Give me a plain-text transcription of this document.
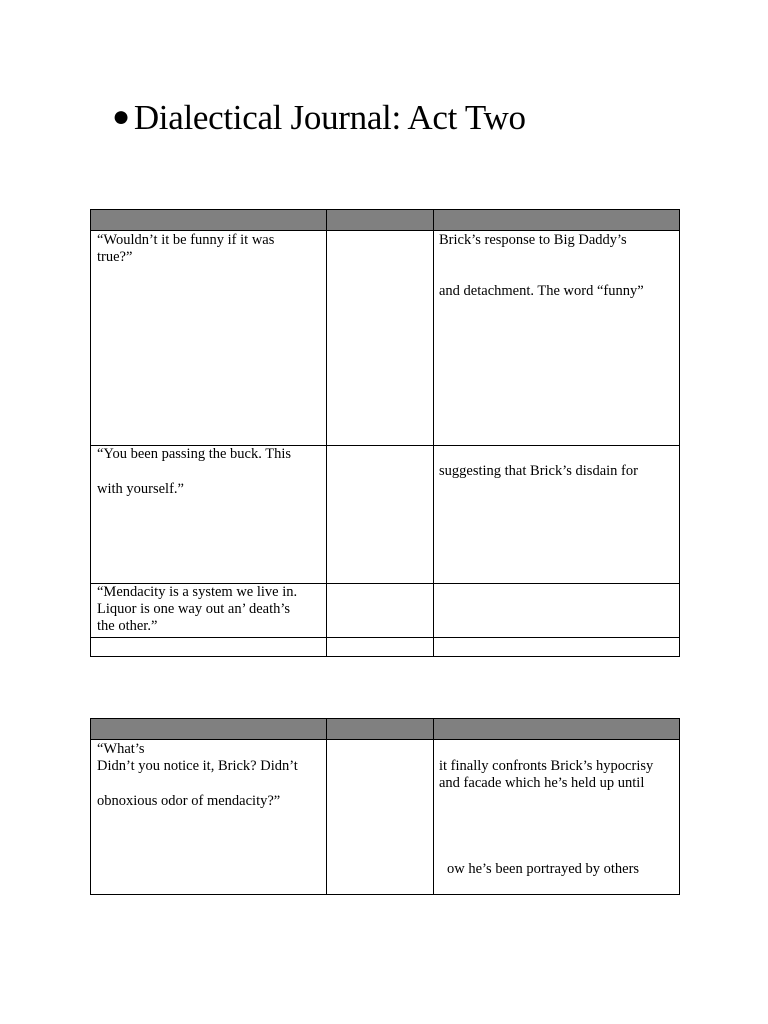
● Dialectical Journal: Act Two

“Wouldn’t it be funny if it was
true?”		Brick’s response to Big Daddy’s
and detachment. The word “funny”

“You been passing the buck. This
with yourself.”		suggesting that Brick’s disdain for

“Mendacity is a system we live in.
Liquor is one way out an’ death’s
the other.”		

“What’s
Didn’t you notice it, Brick? Didn’t
obnoxious odor of mendacity?”		it finally confronts Brick’s hypocrisy
and facade which he’s held up until
ow he’s been portrayed by others
